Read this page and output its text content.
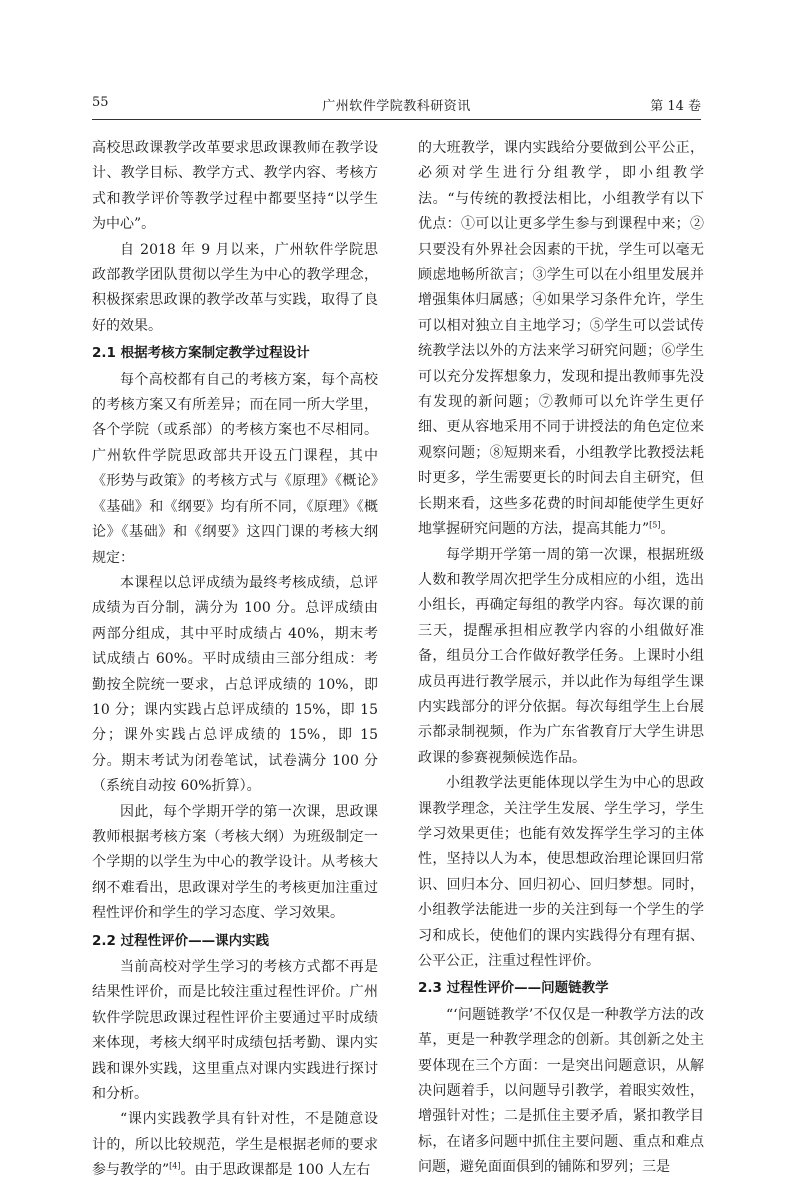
55	广州软件学院教科研资讯	第 14 卷

高校思政课教学改革要求思政课教师在教学设计、教学目标、教学方式、教学内容、考核方式和教学评价等教学过程中都要坚持“以学生为中心”。

自 2018 年 9 月以来，广州软件学院思政部教学团队贯彻以学生为中心的教学理念，积极探索思政课的教学改革与实践，取得了良好的效果。

2.1 根据考核方案制定教学过程设计

每个高校都有自己的考核方案，每个高校的考核方案又有所差异；而在同一所大学里，各个学院（或系部）的考核方案也不尽相同。广州软件学院思政部共开设五门课程，其中《形势与政策》的考核方式与《原理》《概论》《基础》和《纲要》均有所不同，《原理》《概论》《基础》和《纲要》这四门课的考核大纲规定：

本课程以总评成绩为最终考核成绩，总评成绩为百分制，满分为 100 分。总评成绩由两部分组成，其中平时成绩占 40%，期末考试成绩占 60%。平时成绩由三部分组成：考勤按全院统一要求，占总评成绩的 10%，即 10 分；课内实践占总评成绩的 15%，即 15 分；课外实践占总评成绩的 15%，即 15 分。期末考试为闭卷笔试，试卷满分 100 分（系统自动按 60%折算）。

因此，每个学期开学的第一次课，思政课教师根据考核方案（考核大纲）为班级制定一个学期的以学生为中心的教学设计。从考核大纲不难看出，思政课对学生的考核更加注重过程性评价和学生的学习态度、学习效果。

2.2 过程性评价——课内实践

当前高校对学生学习的考核方式都不再是结果性评价，而是比较注重过程性评价。广州软件学院思政课过程性评价主要通过平时成绩来体现，考核大纲平时成绩包括考勤、课内实践和课外实践，这里重点对课内实践进行探讨和分析。

“课内实践教学具有针对性，不是随意设计的，所以比较规范，学生是根据老师的要求参与教学的”[4]。由于思政课都是 100 人左右

的大班教学，课内实践给分要做到公平公正，必须对学生进行分组教学，即小组教学法。“与传统的教授法相比，小组教学有以下优点：①可以让更多学生参与到课程中来；②只要没有外界社会因素的干扰，学生可以毫无顾虑地畅所欲言；③学生可以在小组里发展并增强集体归属感；④如果学习条件允许，学生可以相对独立自主地学习；⑤学生可以尝试传统教学法以外的方法来学习研究问题；⑥学生可以充分发挥想象力，发现和提出教师事先没有发现的新问题；⑦教师可以允许学生更仔细、更从容地采用不同于讲授法的角色定位来观察问题；⑧短期来看，小组教学比教授法耗时更多，学生需要更长的时间去自主研究，但长期来看，这些多花费的时间却能使学生更好地掌握研究问题的方法，提高其能力”[5]。

每学期开学第一周的第一次课，根据班级人数和教学周次把学生分成相应的小组，选出小组长，再确定每组的教学内容。每次课的前三天，提醒承担相应教学内容的小组做好准备，组员分工合作做好教学任务。上课时小组成员再进行教学展示，并以此作为每组学生课内实践部分的评分依据。每次每组学生上台展示都录制视频，作为广东省教育厅大学生讲思政课的参赛视频候选作品。

小组教学法更能体现以学生为中心的思政课教学理念，关注学生发展、学生学习，学生学习效果更佳；也能有效发挥学生学习的主体性，坚持以人为本，使思想政治理论课回归常识、回归本分、回归初心、回归梦想。同时，小组教学法能进一步的关注到每一个学生的学习和成长，使他们的课内实践得分有理有据、公平公正，注重过程性评价。

2.3 过程性评价——问题链教学

“‘问题链教学’不仅仅是一种教学方法的改革，更是一种教学理念的创新。其创新之处主要体现在三个方面：一是突出问题意识，从解决问题着手，以问题导引教学，着眼实效性，增强针对性；二是抓住主要矛盾，紧扣教学目标，在诸多问题中抓住主要问题、重点和难点问题，避免面面俱到的铺陈和罗列；三是
